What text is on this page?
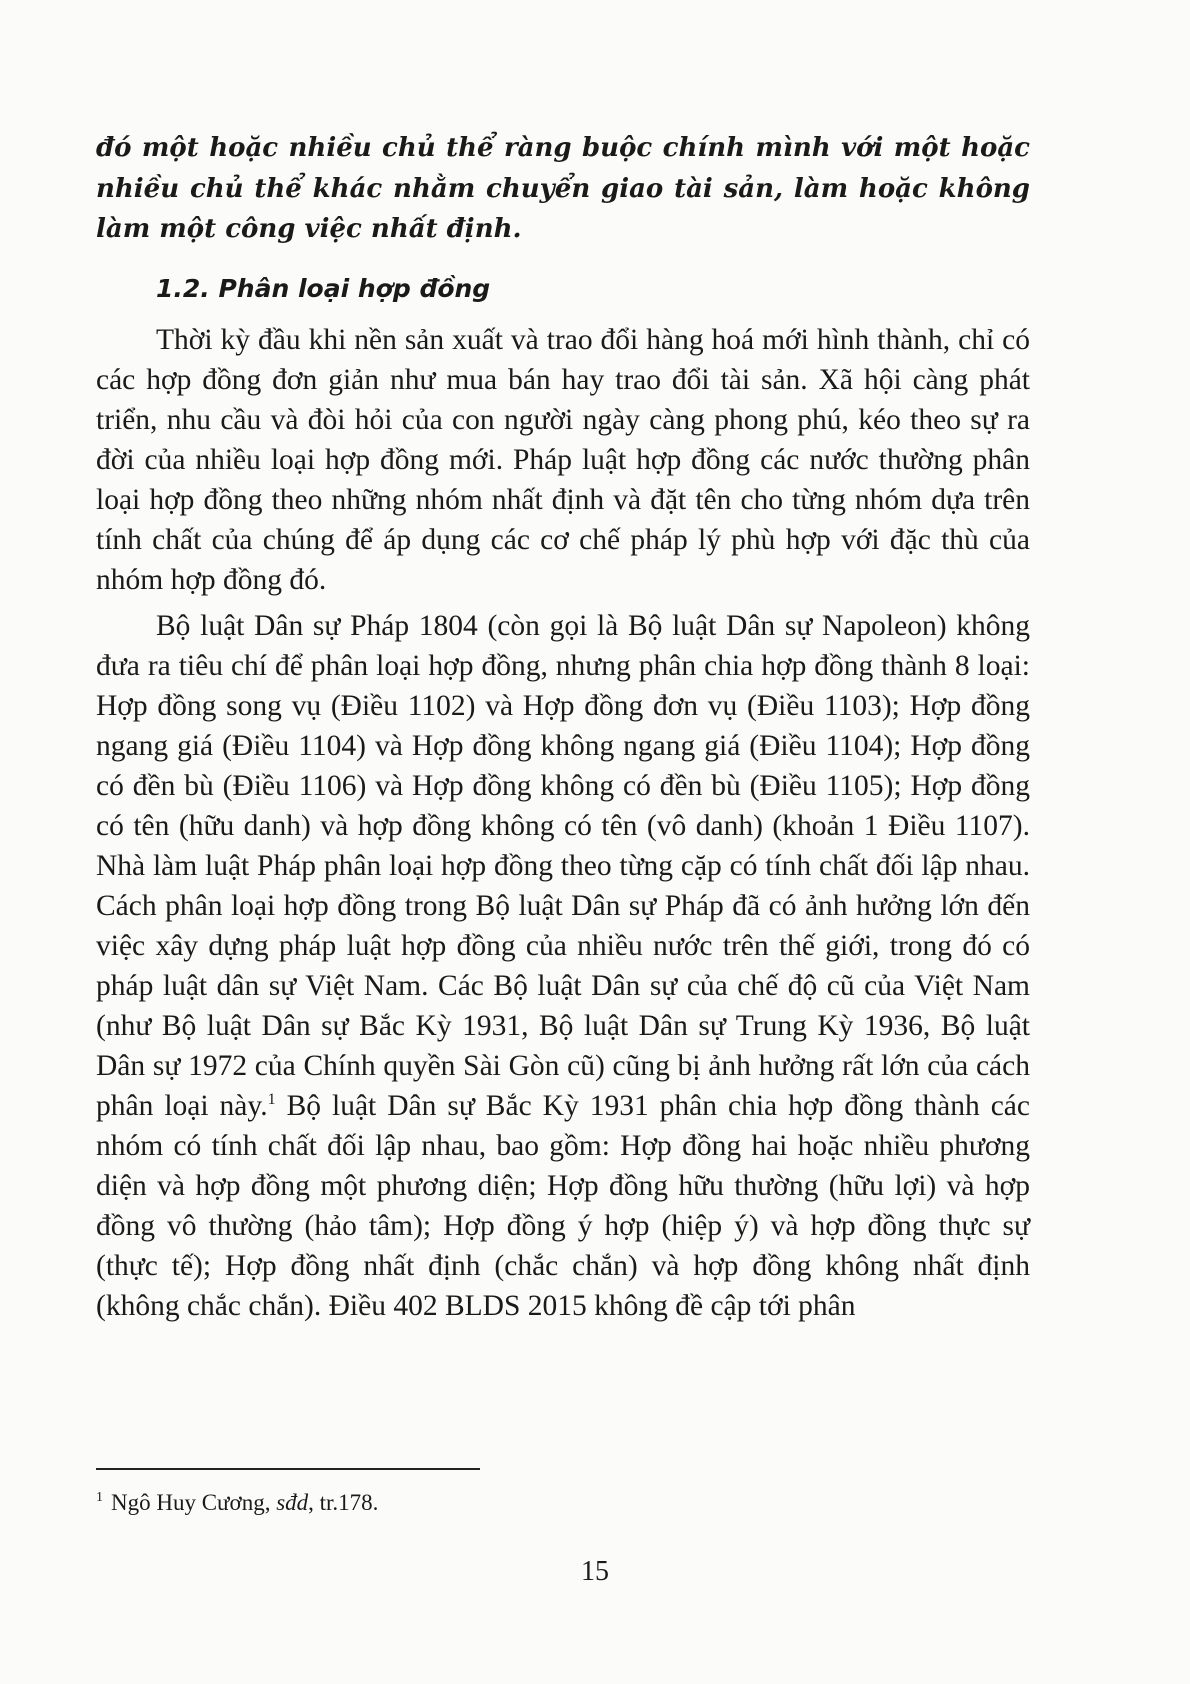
đó một hoặc nhiều chủ thể ràng buộc chính mình với một hoặc nhiều chủ thể khác nhằm chuyển giao tài sản, làm hoặc không làm một công việc nhất định.

1.2. Phân loại hợp đồng

Thời kỳ đầu khi nền sản xuất và trao đổi hàng hoá mới hình thành, chỉ có các hợp đồng đơn giản như mua bán hay trao đổi tài sản. Xã hội càng phát triển, nhu cầu và đòi hỏi của con người ngày càng phong phú, kéo theo sự ra đời của nhiều loại hợp đồng mới. Pháp luật hợp đồng các nước thường phân loại hợp đồng theo những nhóm nhất định và đặt tên cho từng nhóm dựa trên tính chất của chúng để áp dụng các cơ chế pháp lý phù hợp với đặc thù của nhóm hợp đồng đó.

Bộ luật Dân sự Pháp 1804 (còn gọi là Bộ luật Dân sự Napoleon) không đưa ra tiêu chí để phân loại hợp đồng, nhưng phân chia hợp đồng thành 8 loại: Hợp đồng song vụ (Điều 1102) và Hợp đồng đơn vụ (Điều 1103); Hợp đồng ngang giá (Điều 1104) và Hợp đồng không ngang giá (Điều 1104); Hợp đồng có đền bù (Điều 1106) và Hợp đồng không có đền bù (Điều 1105); Hợp đồng có tên (hữu danh) và hợp đồng không có tên (vô danh) (khoản 1 Điều 1107). Nhà làm luật Pháp phân loại hợp đồng theo từng cặp có tính chất đối lập nhau. Cách phân loại hợp đồng trong Bộ luật Dân sự Pháp đã có ảnh hưởng lớn đến việc xây dựng pháp luật hợp đồng của nhiều nước trên thế giới, trong đó có pháp luật dân sự Việt Nam. Các Bộ luật Dân sự của chế độ cũ của Việt Nam (như Bộ luật Dân sự Bắc Kỳ 1931, Bộ luật Dân sự Trung Kỳ 1936, Bộ luật Dân sự 1972 của Chính quyền Sài Gòn cũ) cũng bị ảnh hưởng rất lớn của cách phân loại này.$^1$ Bộ luật Dân sự Bắc Kỳ 1931 phân chia hợp đồng thành các nhóm có tính chất đối lập nhau, bao gồm: Hợp đồng hai hoặc nhiều phương diện và hợp đồng một phương diện; Hợp đồng hữu thường (hữu lợi) và hợp đồng vô thường (hảo tâm); Hợp đồng ý hợp (hiệp ý) và hợp đồng thực sự (thực tế); Hợp đồng nhất định (chắc chắn) và hợp đồng không nhất định (không chắc chắn). Điều 402 BLDS 2015 không đề cập tới phân

$^1$ Ngô Huy Cương, sđd, tr.178.
15
